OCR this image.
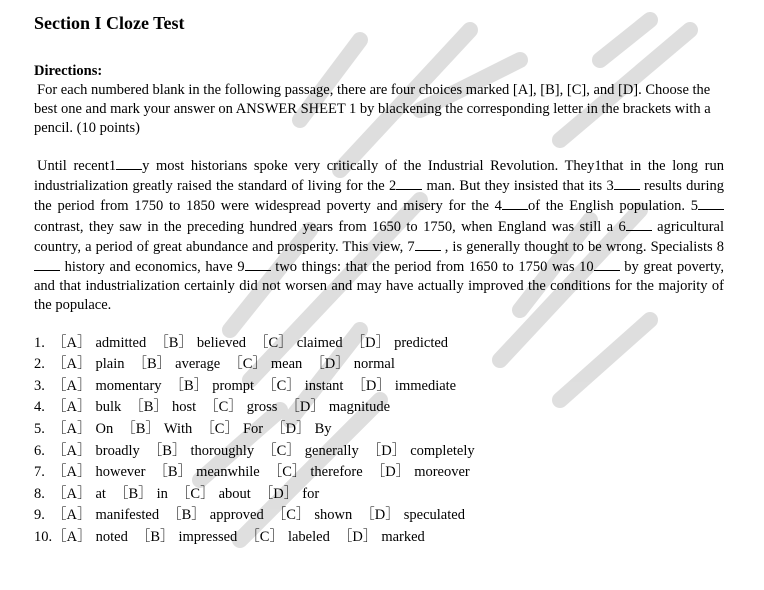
Section I Cloze Test
Directions:
For each numbered blank in the following passage, there are four choices marked [A], [B], [C], and [D]. Choose the best one and mark your answer on ANSWER SHEET 1 by blackening the corresponding letter in the brackets with a pencil. (10 points)
Until recent1 y most historians spoke very critically of the Industrial Revolution. They1that in the long run industrialization greatly raised the standard of living for the 2 man. But they insisted that its 3 results during the period from 1750 to 1850 were widespread poverty and misery for the 4 of the English population. 5 contrast, they saw in the preceding hundred years from 1650 to 1750, when England was still a 6 agricultural country, a period of great abundance and prosperity. This view, 7 , is generally thought to be wrong. Specialists 8 history and economics, have 9 two things: that the period from 1650 to 1750 was 10 by great poverty, and that industrialization certainly did not worsen and may have actually improved the conditions for the majority of the populace.
1. ［A］ admitted ［B］ believed ［C］ claimed ［D］ predicted
2. ［A］ plain ［B］ average ［C］ mean ［D］ normal
3. ［A］ momentary ［B］ prompt ［C］ instant ［D］ immediate
4. ［A］ bulk ［B］ host ［C］ gross ［D］ magnitude
5. ［A］ On ［B］ With ［C］ For ［D］ By
6. ［A］ broadly ［B］ thoroughly ［C］ generally ［D］ completely
7. ［A］ however ［B］ meanwhile ［C］ therefore ［D］ moreover
8. ［A］ at ［B］ in ［C］ about ［D］ for
9. ［A］ manifested ［B］ approved ［C］ shown ［D］ speculated
10.［A］ noted ［B］ impressed ［C］ labeled ［D］ marked
